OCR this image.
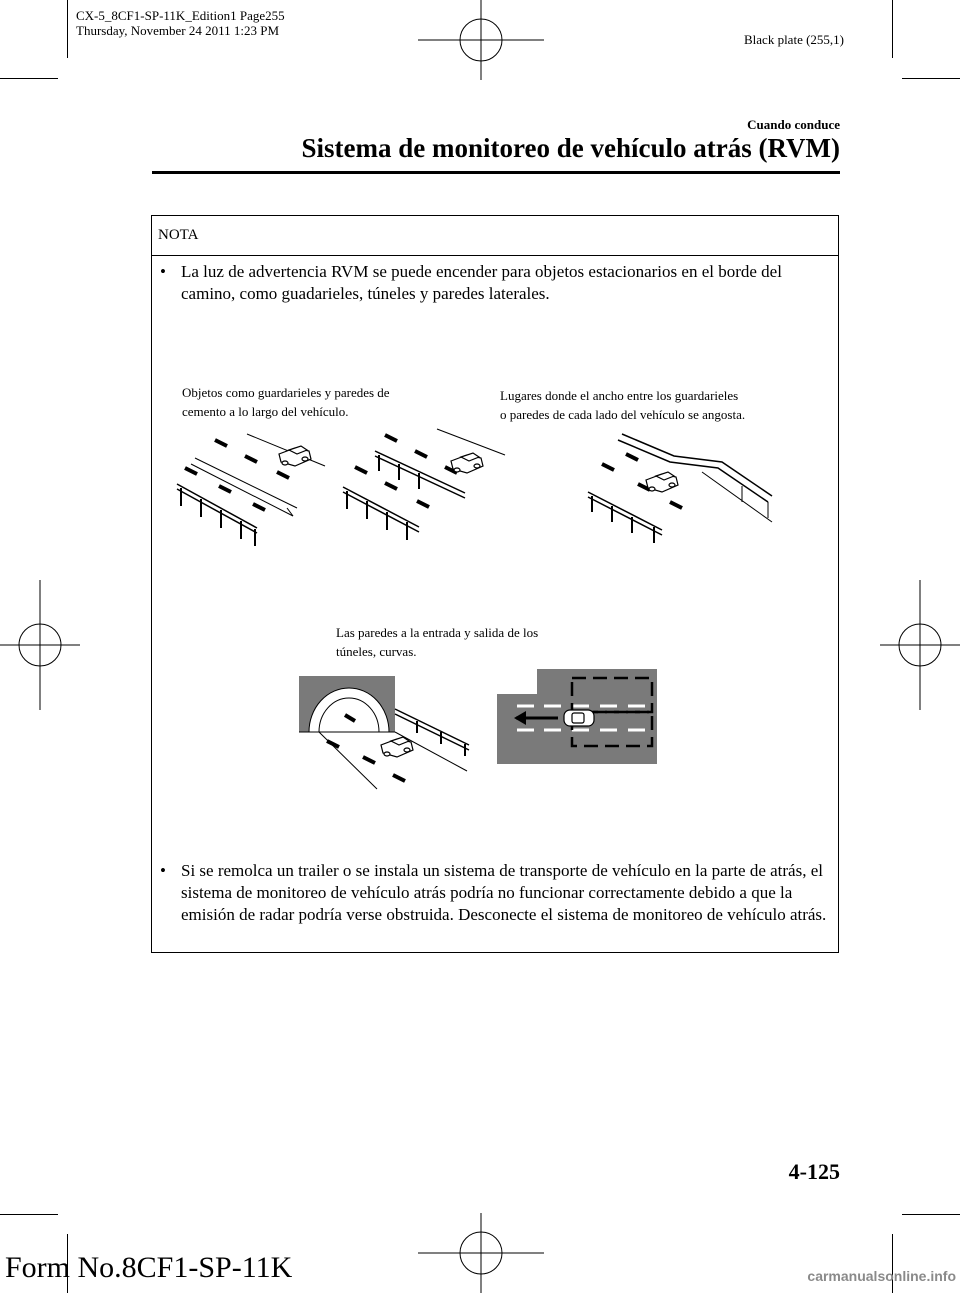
CX-5_8CF1-SP-11K_Edition1 Page255
Thursday, November 24 2011 1:23 PM
Black plate (255,1)
Cuando conduce
Sistema de monitoreo de vehículo atrás (RVM)
NOTA
• La luz de advertencia RVM se puede encender para objetos estacionarios en el borde del camino, como guadarieles, túneles y paredes laterales.
Objetos como guardarieles y paredes de
cemento a lo largo del vehículo.
Lugares donde el ancho entre los guardarieles
o paredes de cada lado del vehículo se angosta.
Las paredes a la entrada y salida de los
túneles, curvas.
• Si se remolca un trailer o se instala un sistema de transporte de vehículo en la parte de atrás, el sistema de monitoreo de vehículo atrás podría no funcionar correctamente debido a que la emisión de radar podría verse obstruida. Desconecte el sistema de monitoreo de vehículo atrás.
4-125
Form No.8CF1-SP-11K	carmanualsonline.info
